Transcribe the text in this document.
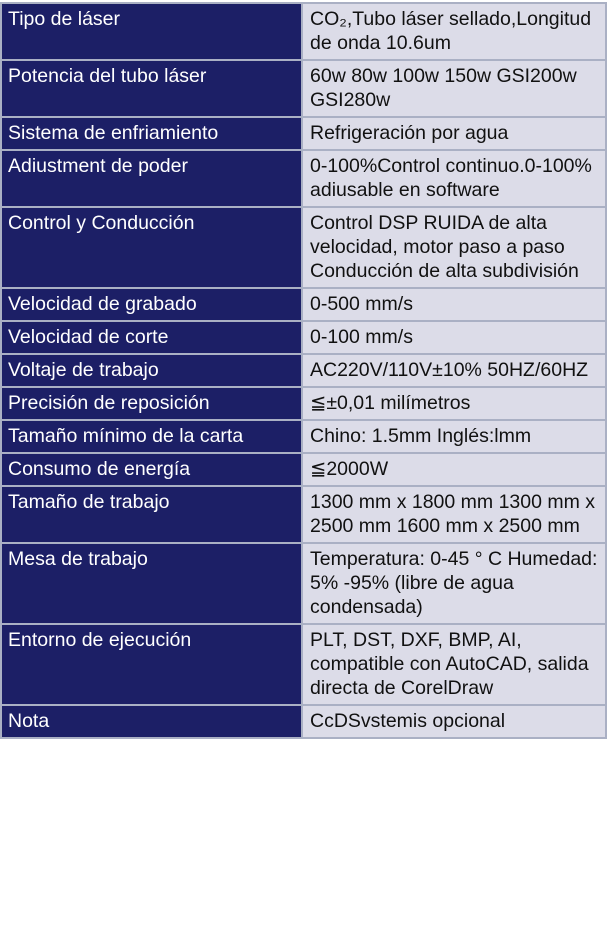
Tipo de láser	CO₂,Tubo láser sellado,Longitud de onda 10.6um
Potencia del tubo láser	60w 80w 100w 150w GSI200w GSI280w
Sistema de enfriamiento	Refrigeración por agua
Adiustment de poder	0-100%Control continuo.0-100% adiusable en software
Control y Conducción	Control DSP RUIDA de alta velocidad, motor paso a paso Conducción de alta subdivisión
Velocidad de grabado	0-500 mm/s
Velocidad de corte	0-100 mm/s
Voltaje de trabajo	AC220V/110V±10% 50HZ/60HZ
Precisión de reposición	≦±0,01 milímetros
Tamaño mínimo de la carta	Chino: 1.5mm Inglés:lmm
Consumo de energía	≦2000W
Tamaño de trabajo	1300 mm x 1800 mm 1300 mm x 2500 mm 1600 mm x 2500 mm
Mesa de trabajo	Temperatura: 0-45 ° C Humedad: 5% -95% (libre de agua condensada)
Entorno de ejecución	PLT, DST, DXF, BMP, AI, compatible con AutoCAD, salida directa de CorelDraw
Nota	CcDSvstemis opcional
